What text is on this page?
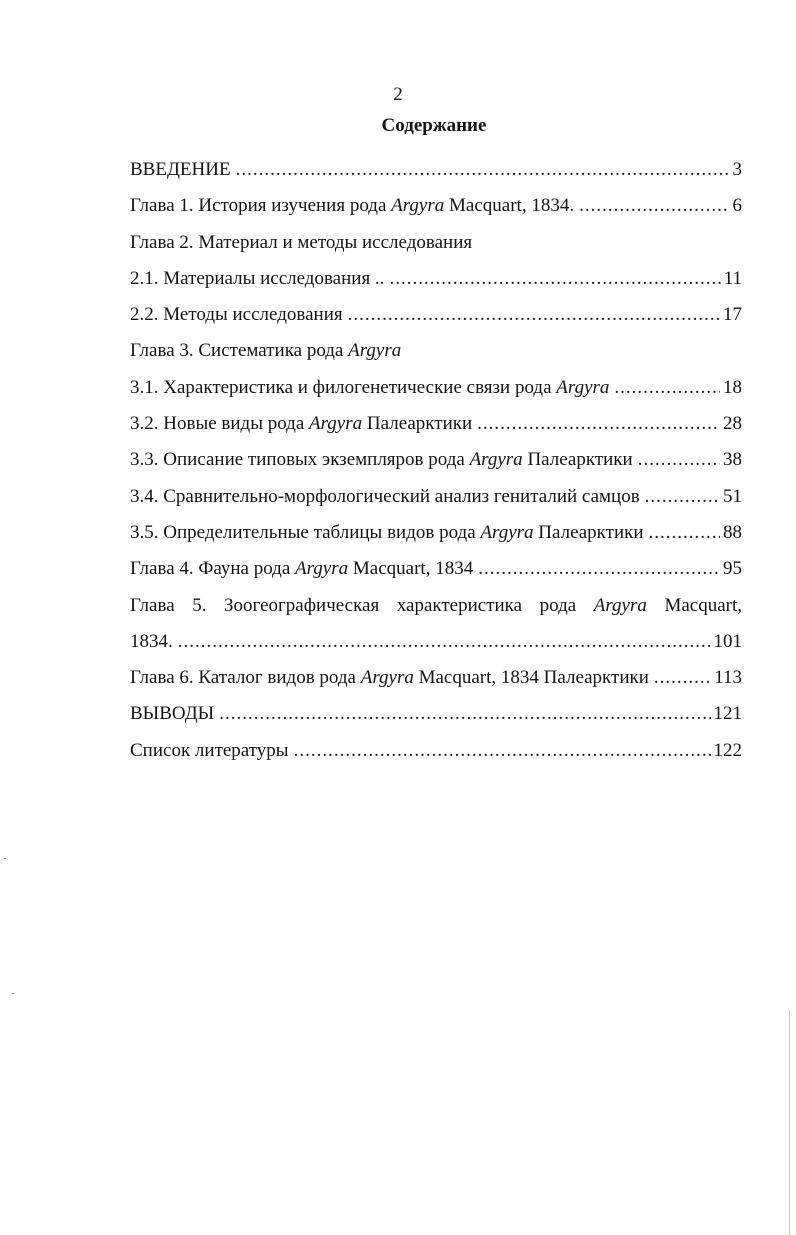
2
Содержание
ВВЕДЕНИЕ .....	3
Глава 1. История изучения рода Argyra Macquart, 1834. .....	6
Глава 2. Материал и методы исследования
2.1. Материалы исследования .. .....	11
2.2. Методы исследования .....	17
Глава 3. Систематика рода Argyra
3.1. Характеристика и филогенетические связи рода Argyra .....	18
3.2. Новые виды рода Argyra Палеарктики .....	28
3.3. Описание типовых экземпляров рода Argyra Палеарктики .....	38
3.4. Сравнительно-морфологический анализ гениталий самцов .....	51
3.5. Определительные таблицы видов рода Argyra Палеарктики .....	88
Глава 4. Фауна рода Argyra Macquart, 1834 .....	95
Глава 5. Зоогеографическая характеристика рода Argyra Macquart,
1834. .....	101
Глава 6. Каталог видов рода Argyra Macquart, 1834 Палеарктики .....	113
ВЫВОДЫ .....	121
Список литературы .....	122
